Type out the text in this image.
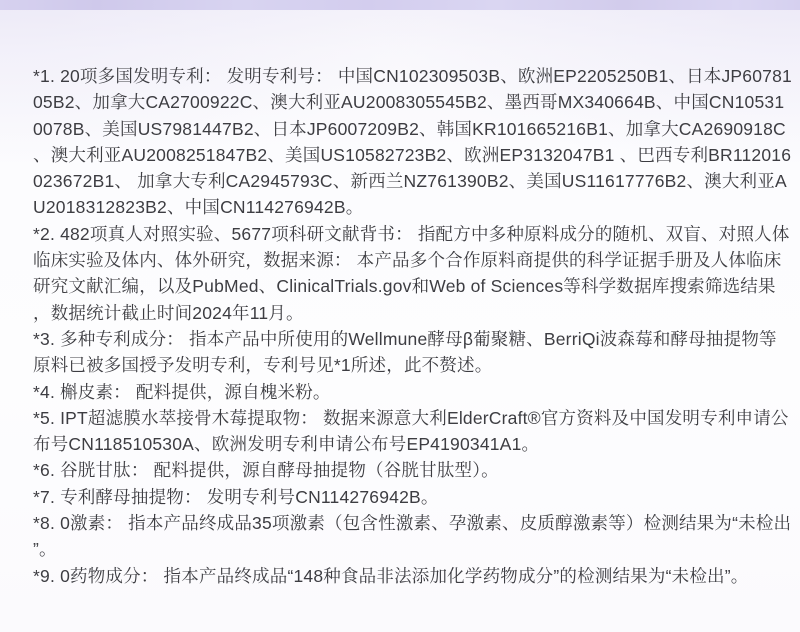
*1. 20项多国发明专利： 发明专利号： 中国CN102309503B、欧洲EP2205250B1、日本JP6078105B2、加拿大CA2700922C、澳大利亚AU2008305545B2、墨西哥MX340664B、中国CN105310078B、美国US7981447B2、日本JP6007209B2、韩国KR101665216B1、加拿大CA2690918C、澳大利亚AU2008251847B2、美国US10582723B2、欧洲EP3132047B1 、巴西专利BR112016023672B1、 加拿大专利CA2945793C、新西兰NZ761390B2、美国US11617776B2、澳大利亚AU2018312823B2、中国CN114276942B。

*2. 482项真人对照实验、5677项科研文献背书： 指配方中多种原料成分的随机、双盲、对照人体临床实验及体内、体外研究，数据来源： 本产品多个合作原料商提供的科学证据手册及人体临床研究文献汇编，以及PubMed、ClinicalTrials.gov和Web of Sciences等科学数据库搜索筛选结果，数据统计截止时间2024年11月。

*3. 多种专利成分： 指本产品中所使用的Wellmune酵母β葡聚糖、BerriQi波森莓和酵母抽提物等原料已被多国授予发明专利，专利号见*1所述，此不赘述。

*4. 槲皮素： 配料提供，源自槐米粉。

*5. IPT超滤膜水萃接骨木莓提取物： 数据来源意大利ElderCraft®官方资料及中国发明专利申请公布号CN118510530A、欧洲发明专利申请公布号EP4190341A1。

*6. 谷胱甘肽： 配料提供，源自酵母抽提物（谷胱甘肽型）。

*7. 专利酵母抽提物： 发明专利号CN114276942B。

*8. 0激素： 指本产品终成品35项激素（包含性激素、孕激素、皮质醇激素等）检测结果为“未检出”。

*9. 0药物成分： 指本产品终成品“148种食品非法添加化学药物成分”的检测结果为“未检出”。
